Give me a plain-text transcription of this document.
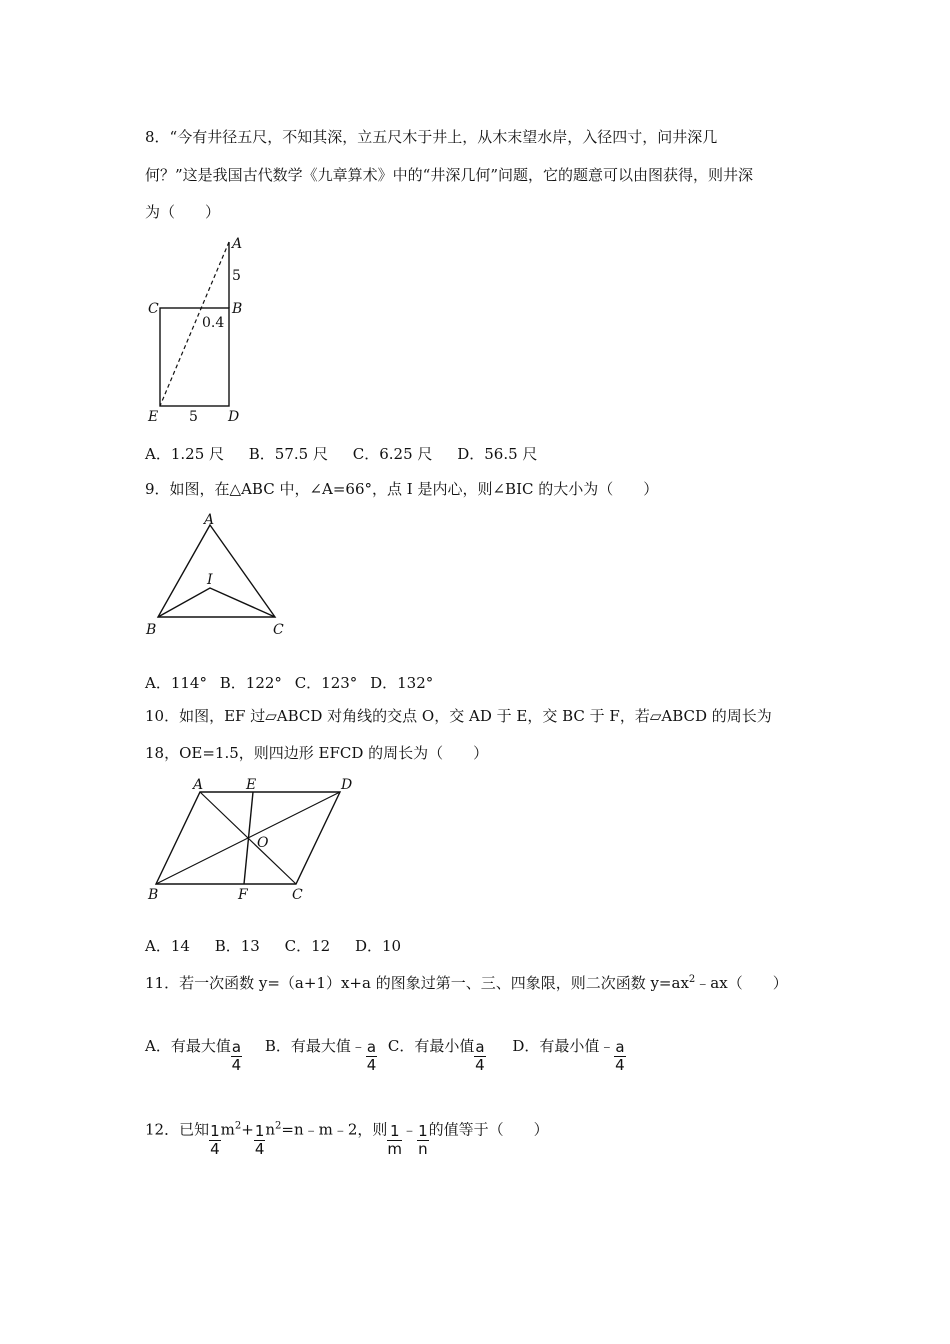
8．“今有井径五尺，不知其深，立五尺木于井上，从木末望水岸，入径四寸，问井深几
何？”这是我国古代数学《九章算术》中的“井深几何”问题，它的题意可以由图获得，则井深
为（　　）
A
5
C	B
0.4
E 5 D
A．1.25 尺 B．57.5 尺 C．6.25 尺 D．56.5 尺
9．如图，在△ABC 中，∠A=66°，点 I 是内心，则∠BIC 的大小为（　　）
A
I
B	C
A．114° B．122° C．123° D．132°
10．如图，EF 过▱ABCD 对角线的交点 O，交 AD 于 E，交 BC 于 F，若▱ABCD 的周长为
18，OE=1.5，则四边形 EFCD 的周长为（　　）
A	E	D
O
B	F	C
A．14 B．13 C．12 D．10
11．若一次函数 y=（a+1）x+a 的图象过第一、三、四象限，则二次函数 $y=ax^2﹣ax$（　　）
A．有最大值 $\frac{a}{4}$ B．有最大值﹣ $\frac{a}{4}$ C．有最小值 $\frac{a}{4}$ D．有最小值﹣ $\frac{a}{4}$
12．已知 $\frac{1}{4} m^2+ \frac{1}{4}$ $n^2=n﹣m﹣2$，则 $\frac{1}{m}$ ﹣ $\frac{1}{n}$ 的值等于（　　）
